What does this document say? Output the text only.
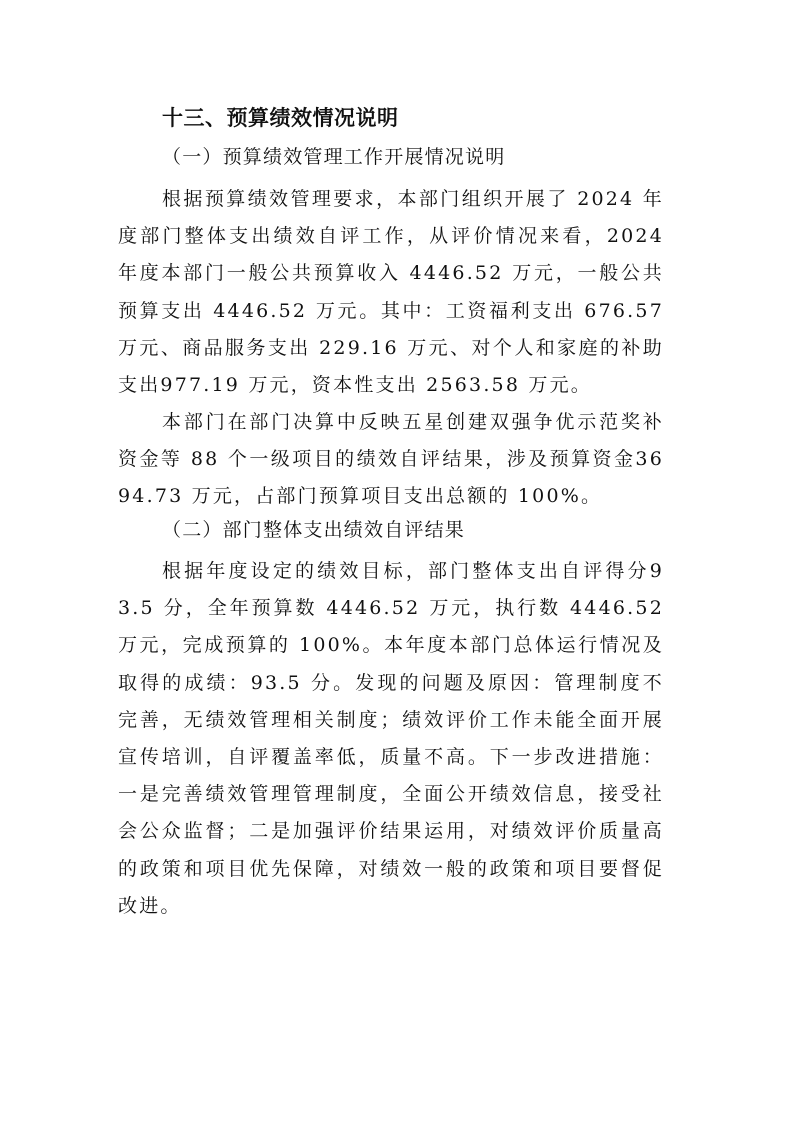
十三、预算绩效情况说明
（一）预算绩效管理工作开展情况说明
根据预算绩效管理要求，本部门组织开展了 2024 年度部门整体支出绩效自评工作，从评价情况来看，2024 年度本部门一般公共预算收入 4446.52 万元，一般公共预算支出 4446.52 万元。其中：工资福利支出 676.57 万元、商品服务支出 229.16 万元、对个人和家庭的补助支出977.19 万元，资本性支出 2563.58 万元。
本部门在部门决算中反映五星创建双强争优示范奖补资金等 88 个一级项目的绩效自评结果，涉及预算资金3694.73 万元，占部门预算项目支出总额的 100%。
（二）部门整体支出绩效自评结果
根据年度设定的绩效目标，部门整体支出自评得分93.5 分，全年预算数 4446.52 万元，执行数 4446.52 万元，完成预算的 100%。本年度本部门总体运行情况及取得的成绩：93.5 分。发现的问题及原因：管理制度不完善，无绩效管理相关制度；绩效评价工作未能全面开展宣传培训，自评覆盖率低，质量不高。下一步改进措施：一是完善绩效管理管理制度，全面公开绩效信息，接受社会公众监督；二是加强评价结果运用，对绩效评价质量高的政策和项目优先保障，对绩效一般的政策和项目要督促改进。
